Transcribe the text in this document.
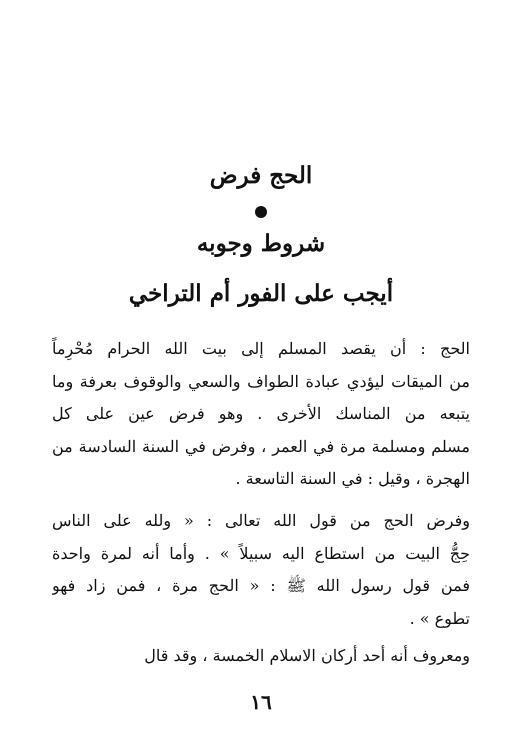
الحج فرض
شروط وجوبه
أيجب على الفور أم التراخي
الحج : أن يقصد المسلم إلى بيت الله الحرام مُحْرِماً
من الميقات ليؤدي عبادة الطواف والسعي والوقوف بعرفة وما
يتبعه من المناسك الأخرى . وهو فرض عين على كل
مسلم ومسلمة مرة في العمر ، وفرض في السنة السادسة من
الهجرة ، وقيل : في السنة التاسعة .
وفرض الحج من قول الله تعالى : « ولله على الناس
حِجُّ البيت من استطاع اليه سبيلاً » . وأما أنه لمرة واحدة
فمن قول رسول الله ﷺ : « الحج مرة ، فمن زاد فهو
تطوع » .
ومعروف أنه أحد أركان الاسلام الخمسة ، وقد قال
١٦
